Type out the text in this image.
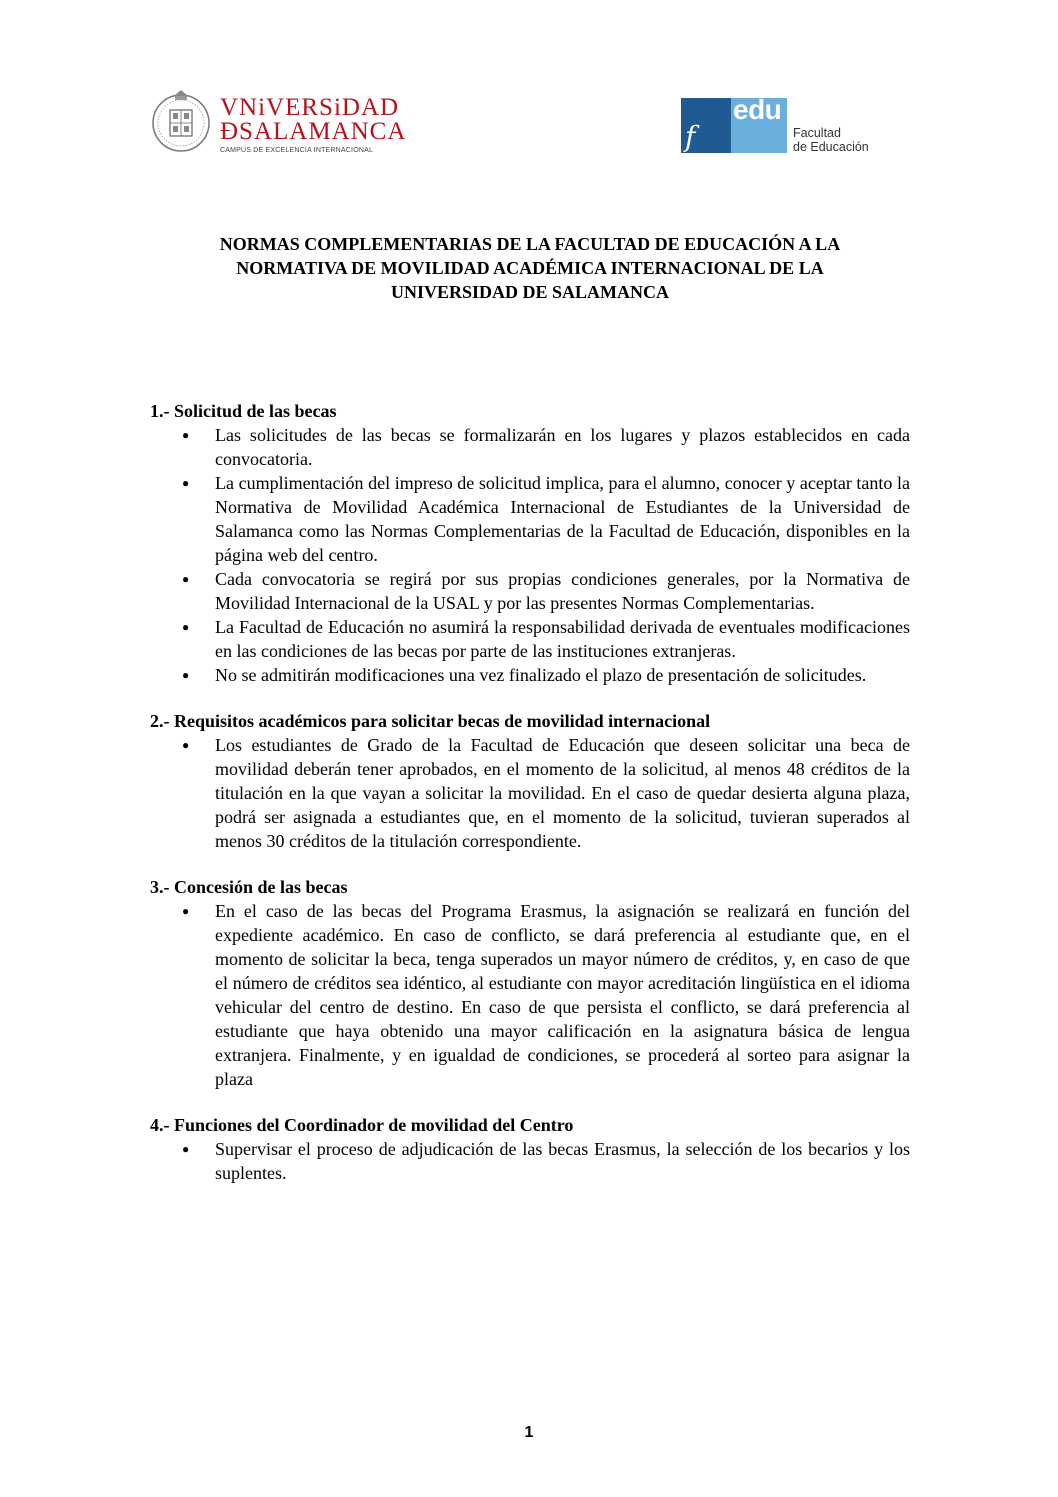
VNiVERSiDAD
ÐSALAMANCA
CAMPUS DE EXCELENCIA INTERNACIONAL	f
edu
Facultad
de Educación
NORMAS COMPLEMENTARIAS DE LA FACULTAD DE EDUCACIÓN A LA
NORMATIVA DE MOVILIDAD ACADÉMICA INTERNACIONAL DE LA
UNIVERSIDAD DE SALAMANCA

1.- Solicitud de las becas

● Las solicitudes de las becas se formalizarán en los lugares y plazos establecidos en cada convocatoria.
● La cumplimentación del impreso de solicitud implica, para el alumno, conocer y aceptar tanto la Normativa de Movilidad Académica Internacional de Estudiantes de la Universidad de Salamanca como las Normas Complementarias de la Facultad de Educación, disponibles en la página web del centro.
● Cada convocatoria se regirá por sus propias condiciones generales, por la Normativa de Movilidad Internacional de la USAL y por las presentes Normas Complementarias.
● La Facultad de Educación no asumirá la responsabilidad derivada de eventuales modificaciones en las condiciones de las becas por parte de las instituciones extranjeras.
● No se admitirán modificaciones una vez finalizado el plazo de presentación de solicitudes.

2.- Requisitos académicos para solicitar becas de movilidad internacional

● Los estudiantes de Grado de la Facultad de Educación que deseen solicitar una beca de movilidad deberán tener aprobados, en el momento de la solicitud, al menos 48 créditos de la titulación en la que vayan a solicitar la movilidad. En el caso de quedar desierta alguna plaza, podrá ser asignada a estudiantes que, en el momento de la solicitud, tuvieran superados al menos 30 créditos de la titulación correspondiente.

3.- Concesión de las becas

● En el caso de las becas del Programa Erasmus, la asignación se realizará en función del expediente académico. En caso de conflicto, se dará preferencia al estudiante que, en el momento de solicitar la beca, tenga superados un mayor número de créditos, y, en caso de que el número de créditos sea idéntico, al estudiante con mayor acreditación lingüística en el idioma vehicular del centro de destino. En caso de que persista el conflicto, se dará preferencia al estudiante que haya obtenido una mayor calificación en la asignatura básica de lengua extranjera. Finalmente, y en igualdad de condiciones, se procederá al sorteo para asignar la plaza

4.- Funciones del Coordinador de movilidad del Centro

● Supervisar el proceso de adjudicación de las becas Erasmus, la selección de los becarios y los suplentes.
1
